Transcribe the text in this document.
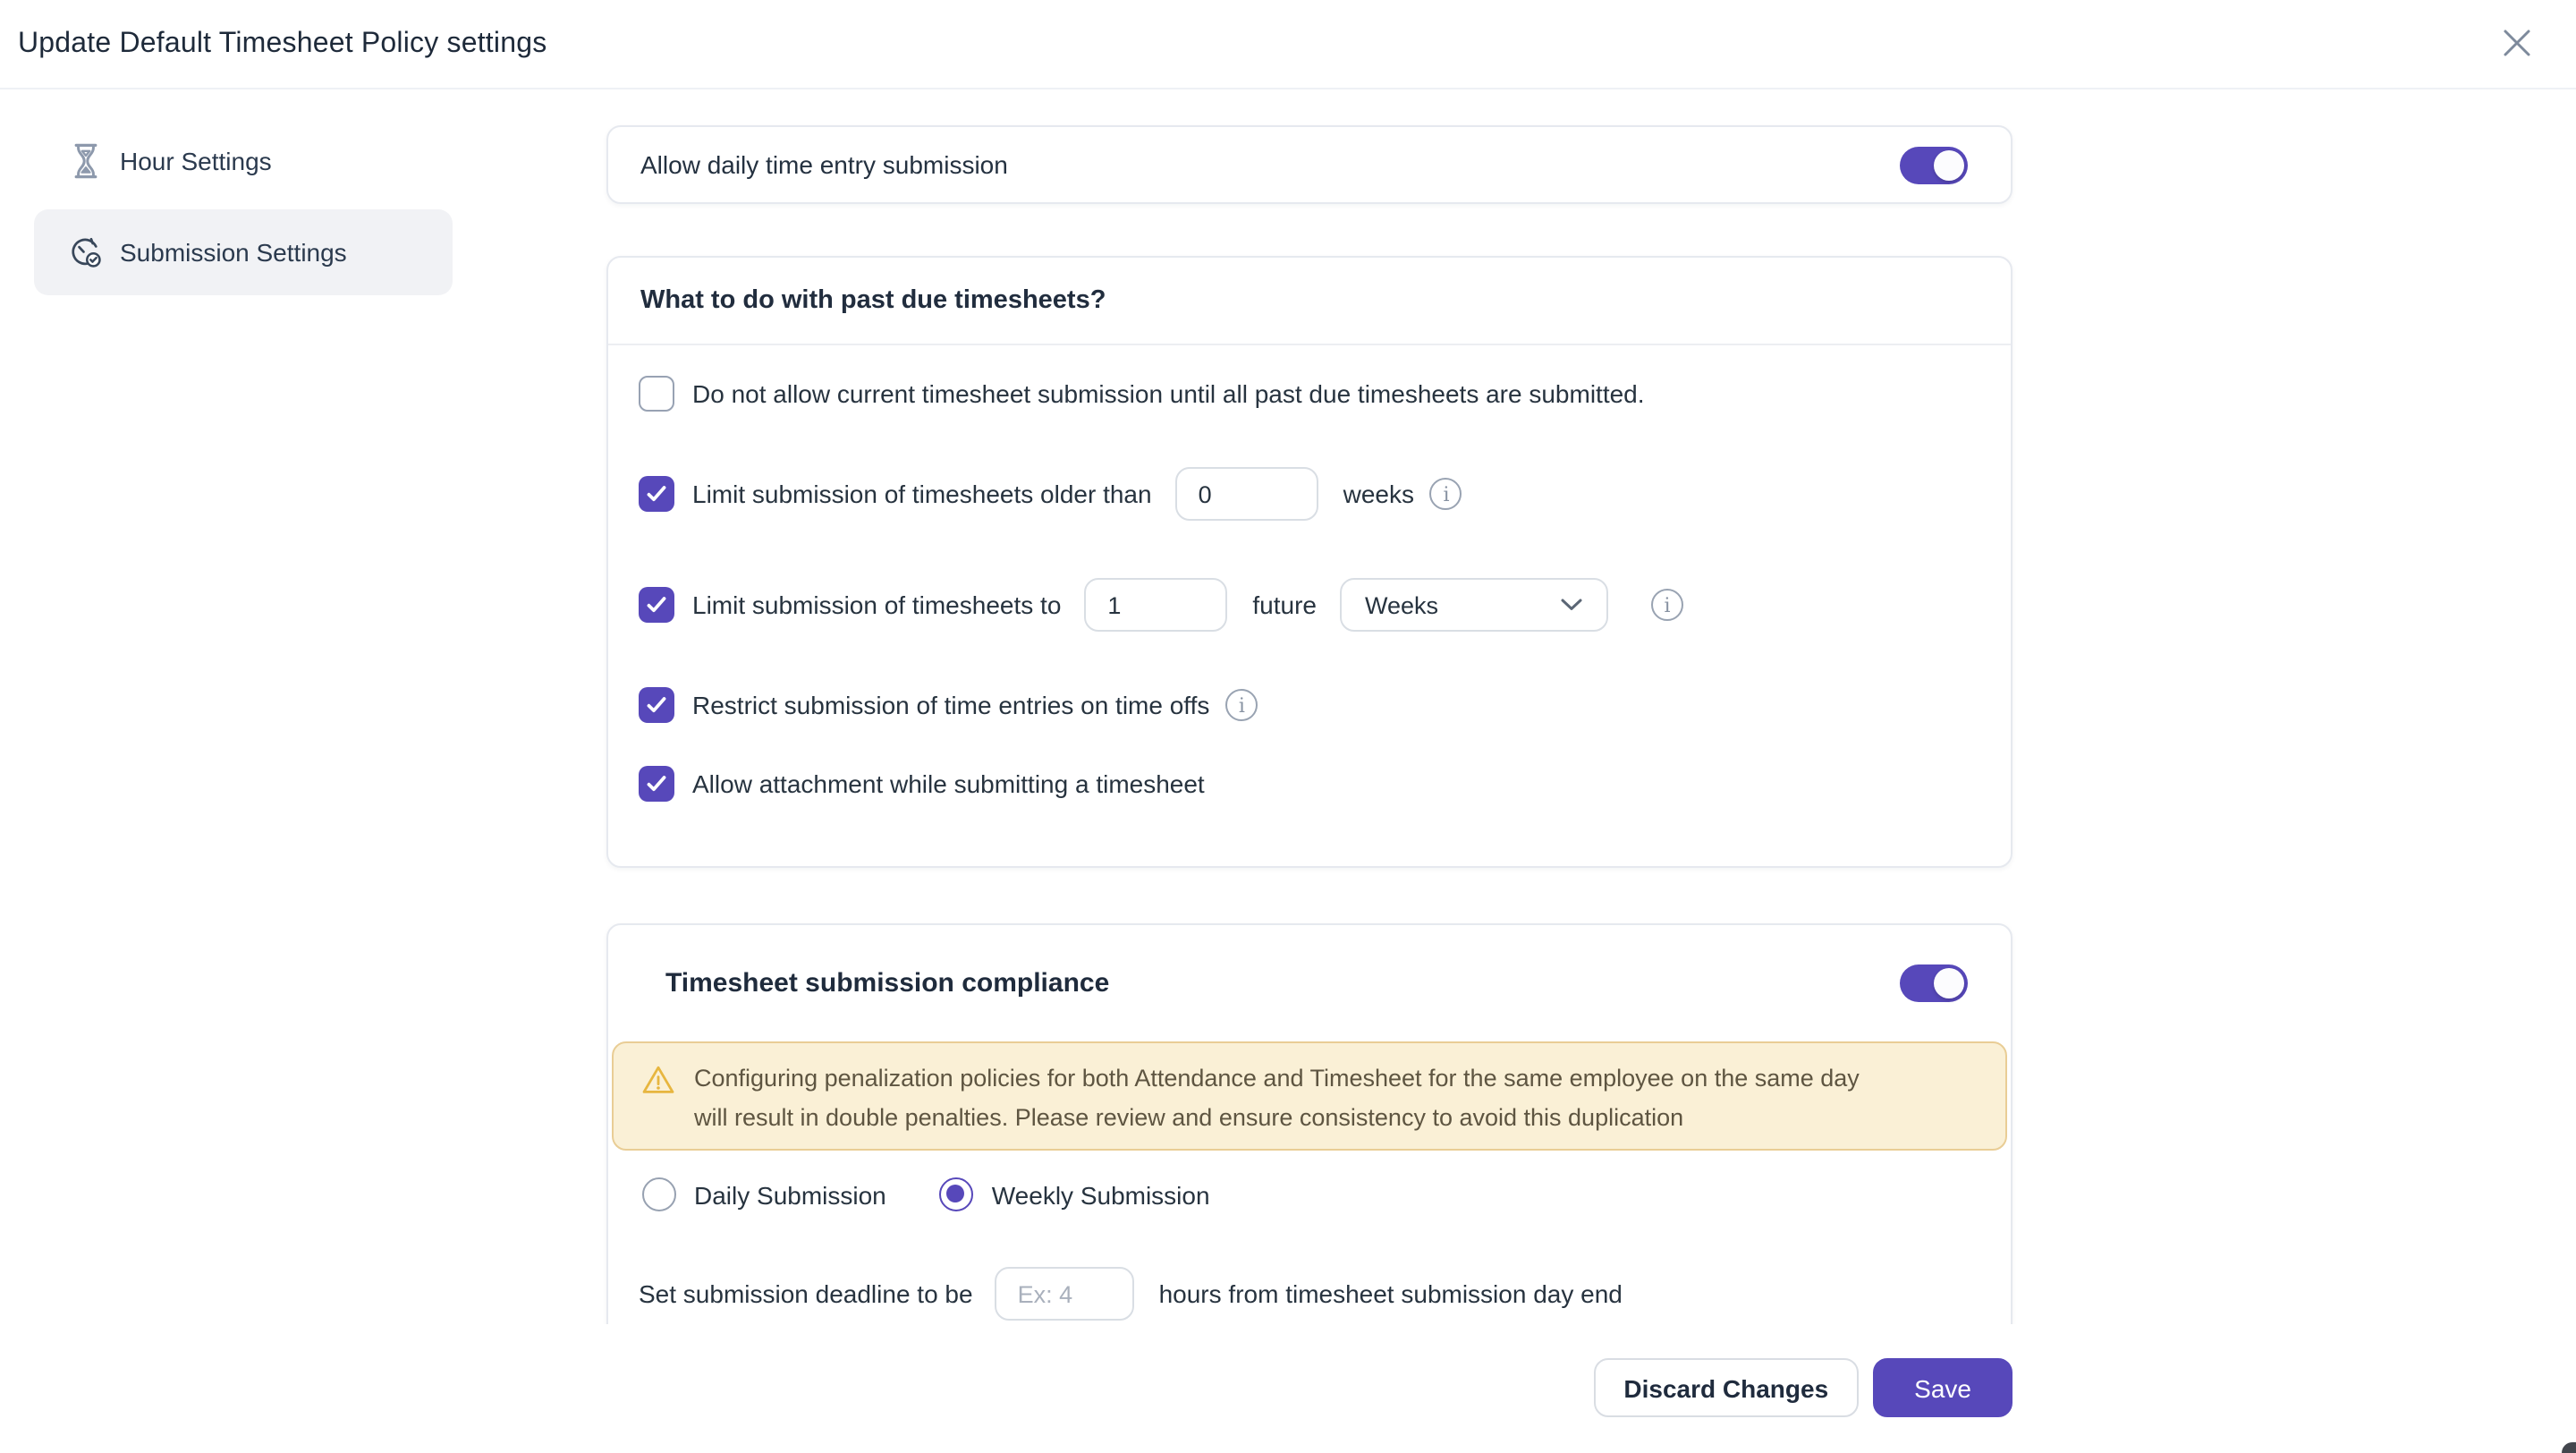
Update Default Timesheet Policy settings
Hour Settings
Submission Settings
Allow daily time entry submission
What to do with past due timesheets?
Do not allow current timesheet submission until all past due timesheets are submitted.
Limit submission of timesheets older than
0	weeks	i
Limit submission of timesheets to
1	future	Weeks	i
Restrict submission of time entries on time offs	i
Allow attachment while submitting a timesheet
Timesheet submission compliance
Configuring penalization policies for both Attendance and Timesheet for the same employee on the same day will result in double penalties. Please review and ensure consistency to avoid this duplication
Daily Submission	Weekly Submission
Set submission deadline to be
Ex: 4	hours from timesheet submission day end
Discard Changes	Save
